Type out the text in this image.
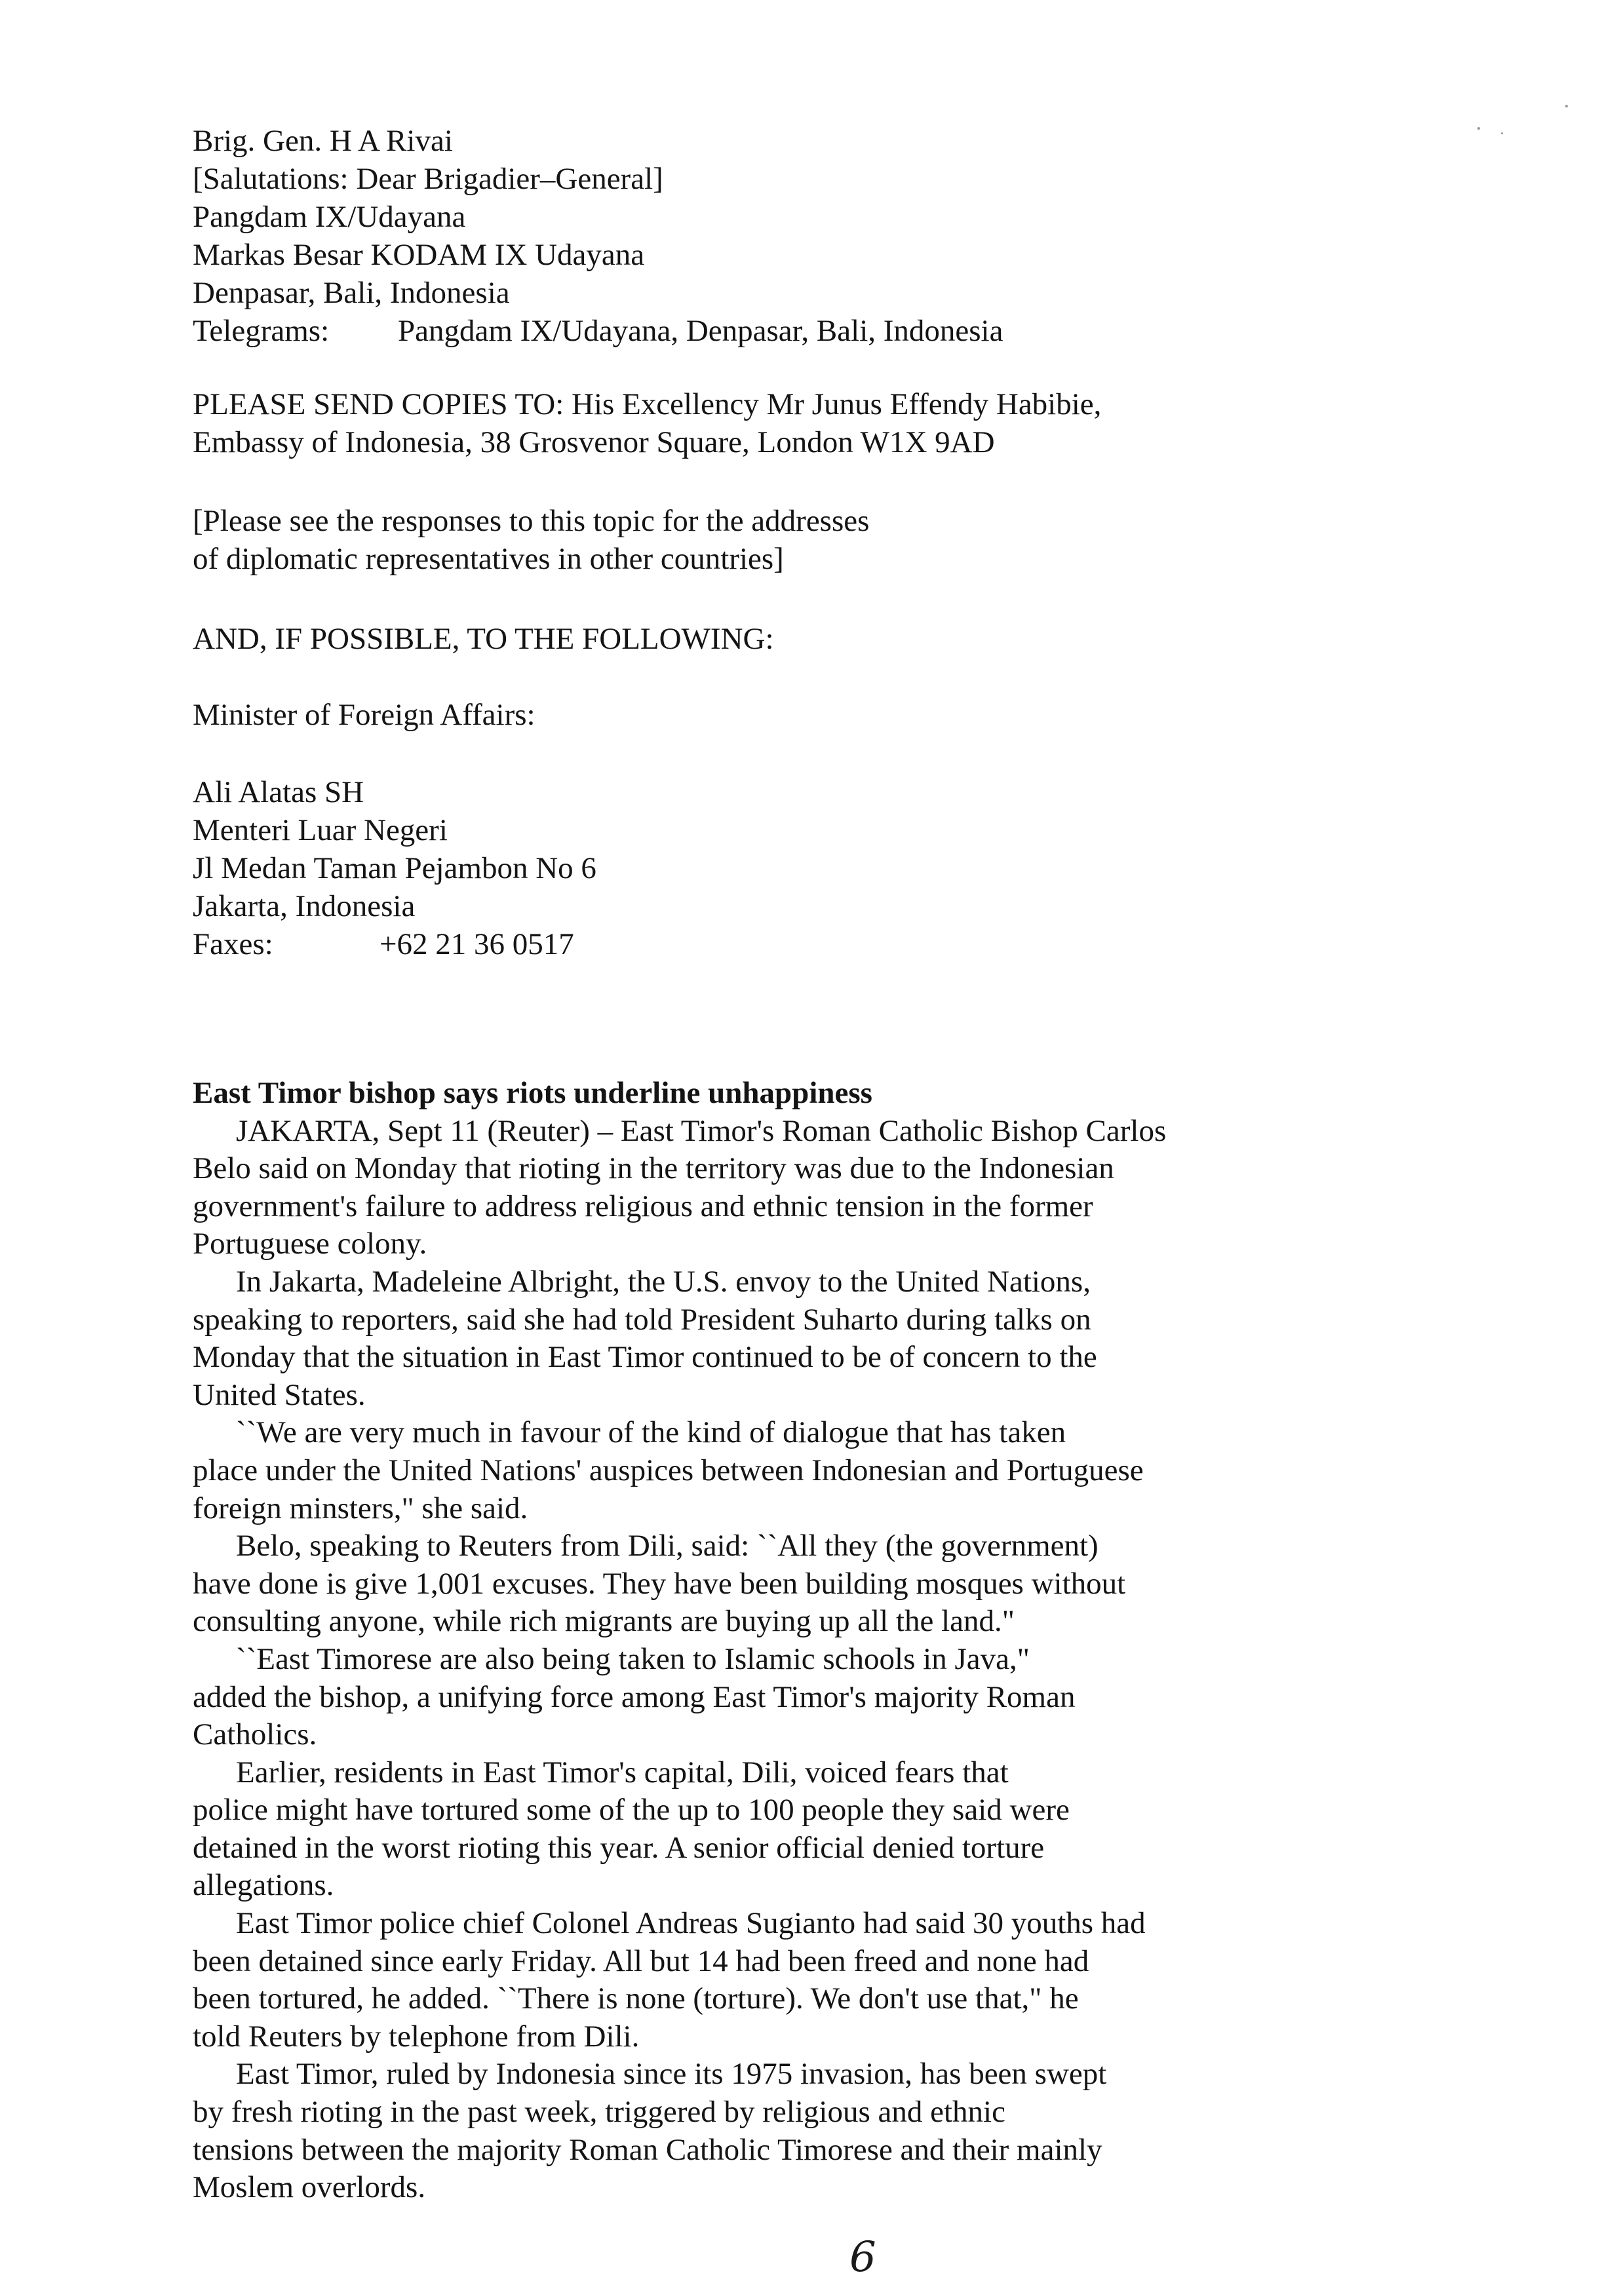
Brig. Gen. H A Rivai
[Salutations: Dear Brigadier–General]
Pangdam IX/Udayana
Markas Besar KODAM IX Udayana
Denpasar, Bali, Indonesia
Telegrams: Pangdam IX/Udayana, Denpasar, Bali, Indonesia
PLEASE SEND COPIES TO: His Excellency Mr Junus Effendy Habibie,
Embassy of Indonesia, 38 Grosvenor Square, London W1X 9AD
[Please see the responses to this topic for the addresses
of diplomatic representatives in other countries]
AND, IF POSSIBLE, TO THE FOLLOWING:
Minister of Foreign Affairs:
Ali Alatas SH
Menteri Luar Negeri
Jl Medan Taman Pejambon No 6
Jakarta, Indonesia
Faxes:	+62 21 36 0517
East Timor bishop says riots underline unhappiness
JAKARTA, Sept 11 (Reuter) – East Timor's Roman Catholic Bishop Carlos
Belo said on Monday that rioting in the territory was due to the Indonesian
government's failure to address religious and ethnic tension in the former
Portuguese colony.
In Jakarta, Madeleine Albright, the U.S. envoy to the United Nations,
speaking to reporters, said she had told President Suharto during talks on
Monday that the situation in East Timor continued to be of concern to the
United States.
``We are very much in favour of the kind of dialogue that has taken
place under the United Nations' auspices between Indonesian and Portuguese
foreign minsters," she said.
Belo, speaking to Reuters from Dili, said: ``All they (the government)
have done is give 1,001 excuses. They have been building mosques without
consulting anyone, while rich migrants are buying up all the land."
``East Timorese are also being taken to Islamic schools in Java,"
added the bishop, a unifying force among East Timor's majority Roman
Catholics.
Earlier, residents in East Timor's capital, Dili, voiced fears that
police might have tortured some of the up to 100 people they said were
detained in the worst rioting this year. A senior official denied torture
allegations.
East Timor police chief Colonel Andreas Sugianto had said 30 youths had
been detained since early Friday. All but 14 had been freed and none had
been tortured, he added. ``There is none (torture). We don't use that," he
told Reuters by telephone from Dili.
East Timor, ruled by Indonesia since its 1975 invasion, has been swept
by fresh rioting in the past week, triggered by religious and ethnic
tensions between the majority Roman Catholic Timorese and their mainly
Moslem overlords.
6
